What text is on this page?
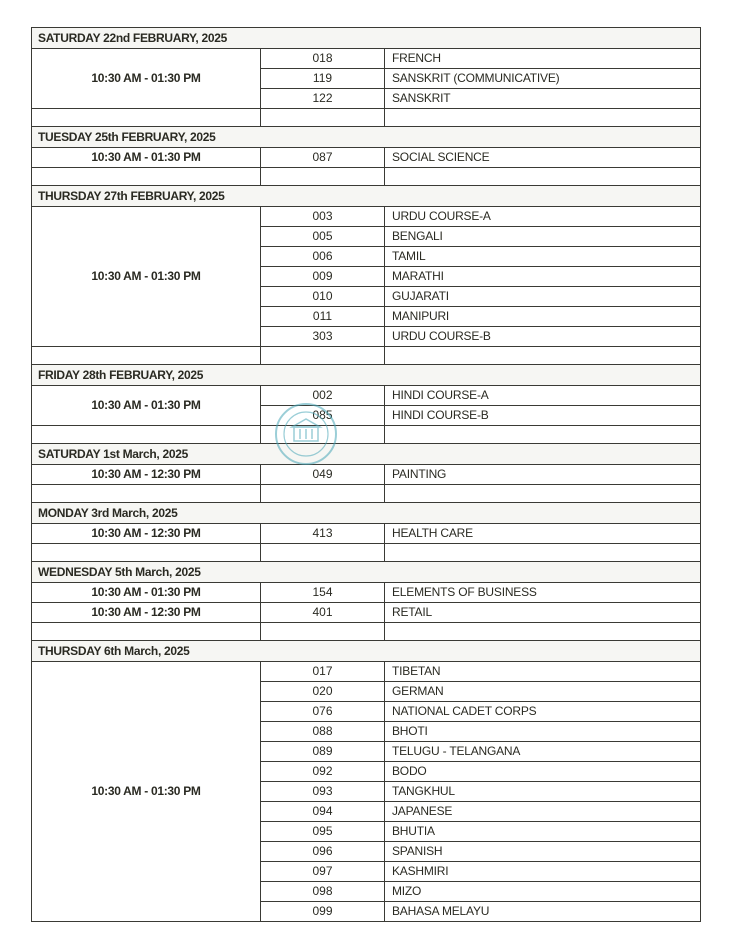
SATURDAY 22nd FEBRUARY, 2025		
10:30 AM - 01:30 PM	018	FRENCH
	119	SANSKRIT (COMMUNICATIVE)
	122	SANSKRIT

TUESDAY 25th FEBRUARY, 2025		
10:30 AM - 01:30 PM	087	SOCIAL SCIENCE

THURSDAY 27th FEBRUARY, 2025		
10:30 AM - 01:30 PM	003	URDU COURSE-A
	005	BENGALI
	006	TAMIL
	009	MARATHI
	010	GUJARATI
	011	MANIPURI
	303	URDU COURSE-B

FRIDAY 28th FEBRUARY, 2025		
10:30 AM - 01:30 PM	002	HINDI COURSE-A
	085	HINDI COURSE-B

SATURDAY 1st March, 2025		
10:30 AM - 12:30 PM	049	PAINTING

MONDAY 3rd March, 2025		
10:30 AM - 12:30 PM	413	HEALTH CARE

WEDNESDAY 5th March, 2025		
10:30 AM - 01:30 PM	154	ELEMENTS OF BUSINESS
10:30 AM - 12:30 PM	401	RETAIL

THURSDAY 6th March, 2025		
10:30 AM - 01:30 PM	017	TIBETAN
	020	GERMAN
	076	NATIONAL CADET CORPS
	088	BHOTI
	089	TELUGU - TELANGANA
	092	BODO
	093	TANGKHUL
	094	JAPANESE
	095	BHUTIA
	096	SPANISH
	097	KASHMIRI
	098	MIZO
	099	BAHASA MELAYU
